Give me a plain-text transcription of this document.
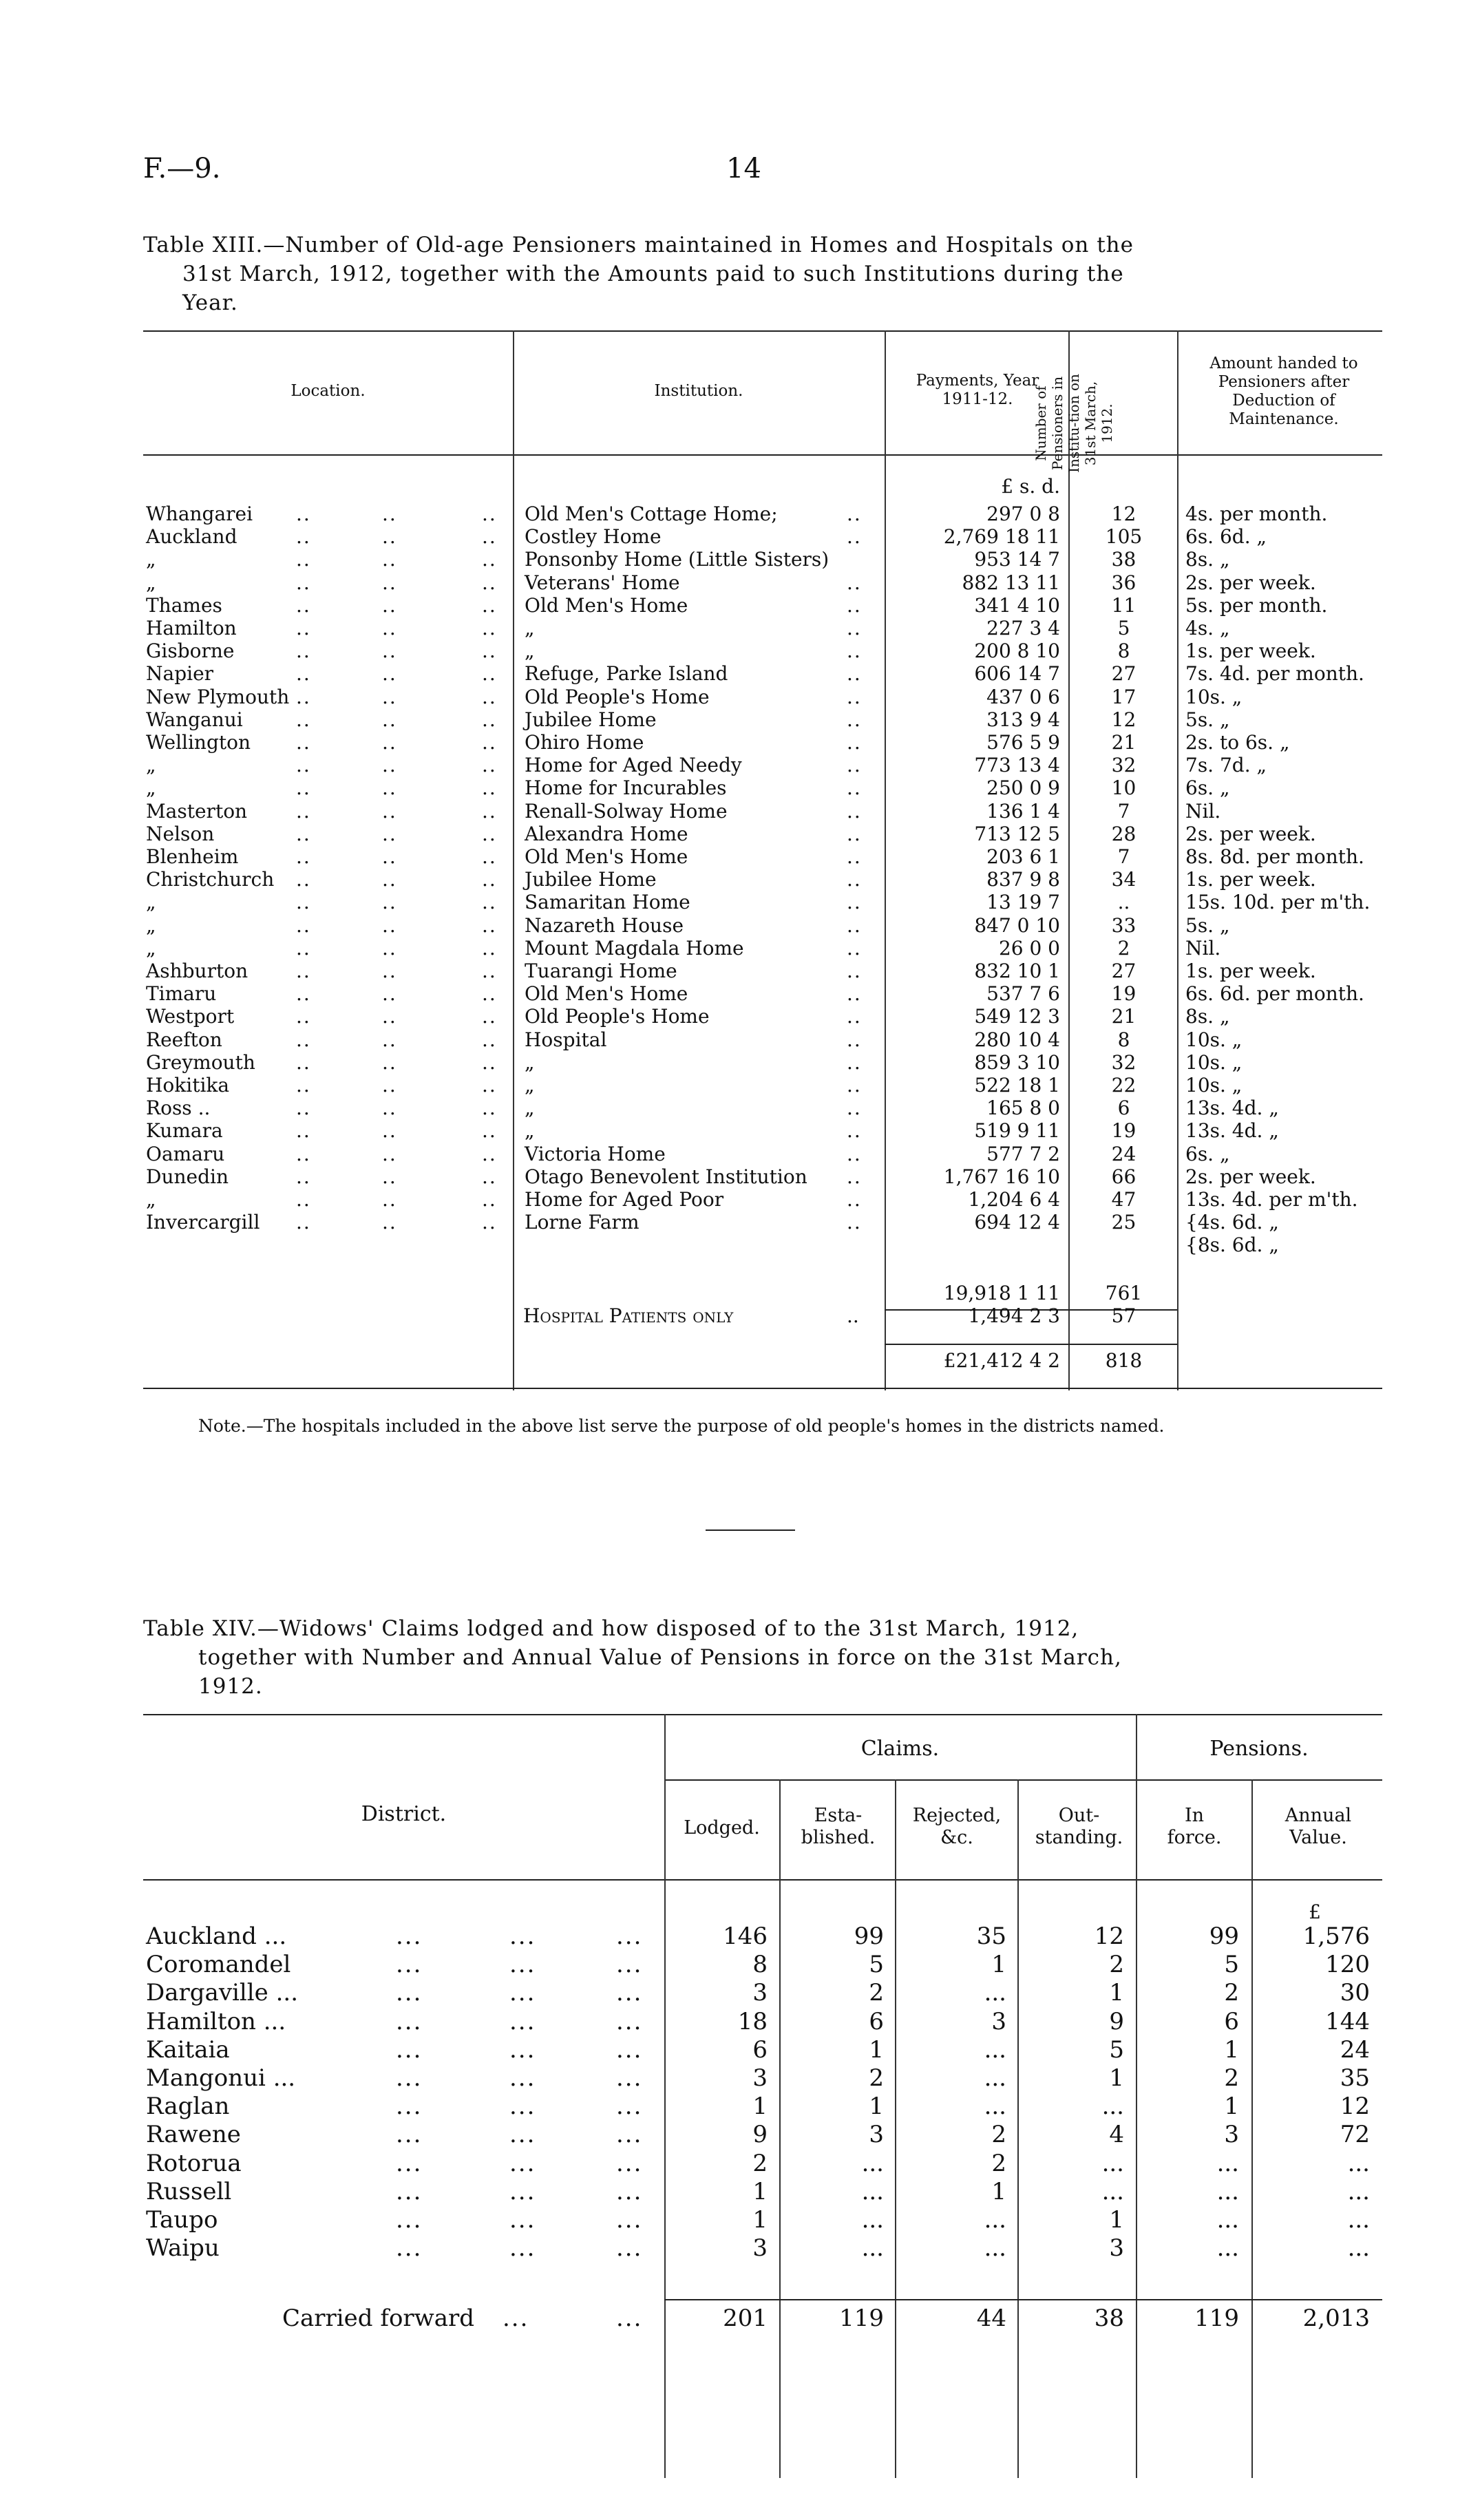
F.—9.	14
Table XIII.—Number of Old-age Pensioners maintained in Homes and Hospitals on the
31st March, 1912, together with the Amounts paid to such Institutions during the
Year.
Location.	Institution.
Payments, Year 1911-12.	Number of Pensioners in Institu-tion on 31st March, 1912.
Amount handed to Pensioners after Deduction of Maintenance.
£ s. d.
Whangarei ..	..	.. Old Men's Cottage Home;	..	297 0 8	12	4s. per month.
Auckland	..	..	.. Costley Home	..	2,769 18 11	105	6s. 6d. „
„	..	..	.. Ponsonby Home (Little Sisters)	953 14 7	38	8s. „
„	..	..	.. Veterans' Home	..	882 13 11	36	2s. per week.
Thames	..	..	.. Old Men's Home	..	341 4 10	11	5s. per month.
Hamilton	..	..	.. „	..	227 3 4	5	4s. „
Gisborne	..	..	.. „	..	200 8 10	8	1s. per week.
Napier	..	..	.. Refuge, Parke Island	..	606 14 7	27	7s. 4d. per month.
New Plymouth ..	..	.. Old People's Home	..	437 0 6	17	10s. „
Wanganui	..	..	.. Jubilee Home	..	313 9 4	12	5s. „
Wellington ..	..	.. Ohiro Home	..	576 5 9	21	2s. to 6s. „
„	..	..	.. Home for Aged Needy	..	773 13 4	32	7s. 7d. „
„	..	..	.. Home for Incurables	..	250 0 9	10	6s. „
Masterton	..	..	.. Renall-Solway Home	..	136 1 4	7	Nil.
Nelson	..	..	.. Alexandra Home	..	713 12 5	28	2s. per week.
Blenheim	..	..	.. Old Men's Home	..	203 6 1	7	8s. 8d. per month.
Christchurch ..	..	.. Jubilee Home	..	837 9 8	34	1s. per week.
„	..	..	.. Samaritan Home	..	13 19 7	..	15s. 10d. per m'th.
„	..	..	.. Nazareth House	..	847 0 10	33	5s. „
„	..	..	.. Mount Magdala Home	..	26 0 0	2	Nil.
Ashburton ..	..	.. Tuarangi Home	..	832 10 1	27	1s. per week.
Timaru	..	..	.. Old Men's Home	..	537 7 6	19	6s. 6d. per month.
Westport	..	..	.. Old People's Home	..	549 12 3	21	8s. „
Reefton	..	..	.. Hospital	..	280 10 4	8	10s. „
Greymouth ..	..	.. „	..	859 3 10	32	10s. „
Hokitika	..	..	.. „	..	522 18 1	22	10s. „
Ross ..	..	..	.. „	..	165 8 0	6	13s. 4d. „
Kumara	..	..	.. „	..	519 9 11	19	13s. 4d. „
Oamaru	..	..	.. Victoria Home	..	577 7 2	24	6s. „
Dunedin	..	..	.. Otago Benevolent Institution ..	1,767 16 10	66	2s. per week.
„	..	..	.. Home for Aged Poor	..	1,204 6 4	47	13s. 4d. per m'th.
Invercargill ..	..	.. Lorne Farm	..	694 12 4	25	{4s. 6d. „
{8s. 6d. „
19,918 1 11	761
Hospital Patients only	..	1,494 2 3	57
£21,412 4 2	818
Note.—The hospitals included in the above list serve the purpose of old people's homes in the districts named.
Table XIV.—Widows' Claims lodged and how disposed of to the 31st March, 1912,
together with Number and Annual Value of Pensions in force on the 31st March,
1912.
District.
Claims.	Pensions.
Lodged.
Esta-blished.
Rejected, &c.
Out-standing.
In force.
Annual Value.
£
Auckland ...	...	...	...	146	99	35	12	99	1,576
Coromandel	...	...	...	8	5	1	2	5	120
Dargaville ...	...	...	...	3	2	...	1	2	30
Hamilton ...	...	...	...	18	6	3	9	6	144
Kaitaia	...	...	...	6	1	...	5	1	24
Mangonui ...	...	...	...	3	2	...	1	2	35
Raglan	...	...	...	1	1	...	...	1	12
Rawene	...	...	...	9	3	2	4	3	72
Rotorua	...	...	...	2	...	2	...	...	...
Russell	...	...	...	1	...	1	...	...	...
Taupo	...	...	...	1	...	...	1	...	...
Waipu	...	...	...	3	...	...	3	...	...
Carried forward ...	...	201	119	44	38	119	2,013
